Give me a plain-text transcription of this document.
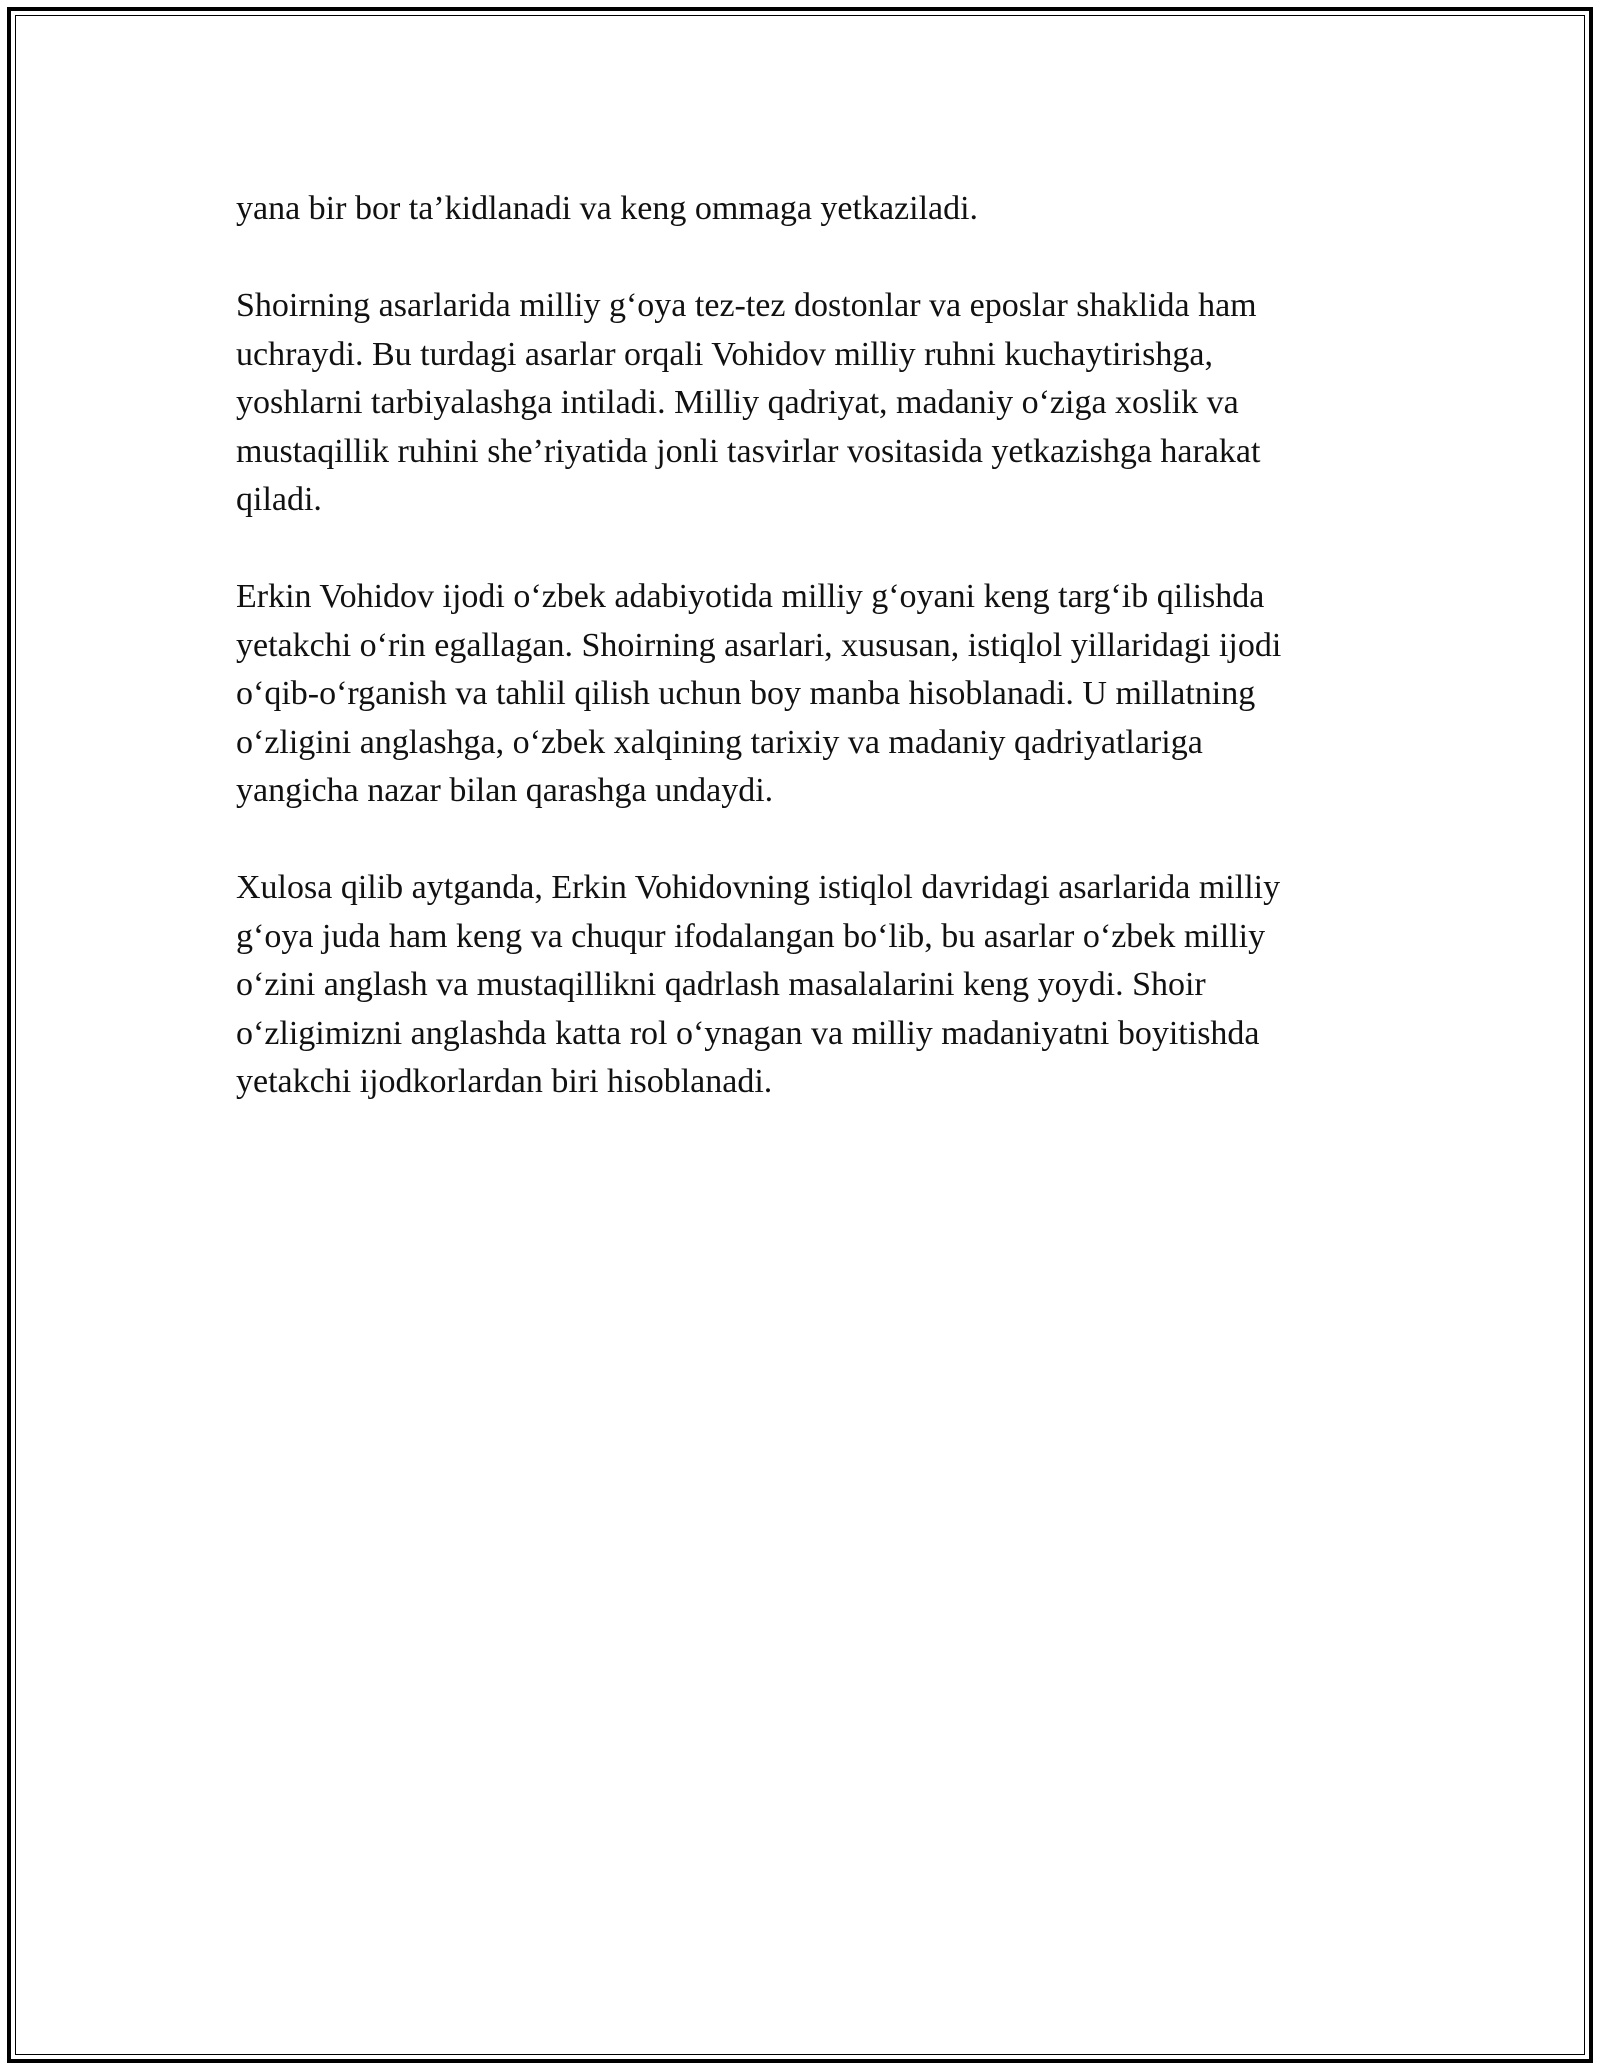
yana bir bor ta’kidlanadi va keng ommaga yetkaziladi.

Shoirning asarlarida milliy g‘oya tez-tez dostonlar va eposlar shaklida ham
uchraydi. Bu turdagi asarlar orqali Vohidov milliy ruhni kuchaytirishga,
yoshlarni tarbiyalashga intiladi. Milliy qadriyat, madaniy o‘ziga xoslik va
mustaqillik ruhini she’riyatida jonli tasvirlar vositasida yetkazishga harakat
qiladi.

Erkin Vohidov ijodi o‘zbek adabiyotida milliy g‘oyani keng targ‘ib qilishda
yetakchi o‘rin egallagan. Shoirning asarlari, xususan, istiqlol yillaridagi ijodi
o‘qib-o‘rganish va tahlil qilish uchun boy manba hisoblanadi. U millatning
o‘zligini anglashga, o‘zbek xalqining tarixiy va madaniy qadriyatlariga
yangicha nazar bilan qarashga undaydi.

Xulosa qilib aytganda, Erkin Vohidovning istiqlol davridagi asarlarida milliy
g‘oya juda ham keng va chuqur ifodalangan bo‘lib, bu asarlar o‘zbek milliy
o‘zini anglash va mustaqillikni qadrlash masalalarini keng yoydi. Shoir
o‘zligimizni anglashda katta rol o‘ynagan va milliy madaniyatni boyitishda
yetakchi ijodkorlardan biri hisoblanadi.
